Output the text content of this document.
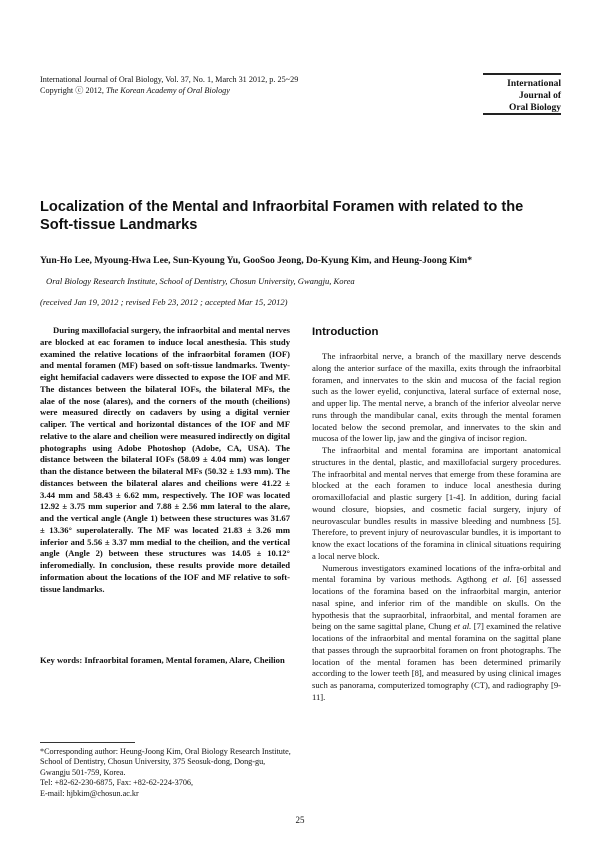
International Journal of Oral Biology, Vol. 37, No. 1, March 31 2012, p. 25~29
Copyright ⓒ 2012, The Korean Academy of Oral Biology
International
Journal of
Oral Biology
Localization of the Mental and Infraorbital Foramen with related to the Soft-tissue Landmarks
Yun-Ho Lee, Myoung-Hwa Lee, Sun-Kyoung Yu, GooSoo Jeong, Do-Kyung Kim, and Heung-Joong Kim*
Oral Biology Research Institute, School of Dentistry, Chosun University, Gwangju, Korea
(received Jan 19, 2012 ; revised Feb 23, 2012 ; accepted Mar 15, 2012)
During maxillofacial surgery, the infraorbital and mental nerves are blocked at eac foramen to induce local anesthesia. This study examined the relative locations of the infraorbital foramen (IOF) and mental foramen (MF) based on soft-tissue landmarks. Twenty-eight hemifacial cadavers were dissected to expose the IOF and MF. The distances between the bilateral IOFs, the bilateral MFs, the alae of the nose (alares), and the corners of the mouth (cheilions) were measured directly on cadavers by using a digital vernier caliper. The vertical and horizontal distances of the IOF and MF relative to the alare and cheilion were measured indirectly on digital photographs using Adobe Photoshop (Adobe, CA, USA). The distance between the bilateral IOFs (58.09 ± 4.04 mm) was longer than the distance between the bilateral MFs (50.32 ± 1.93 mm). The distances between the bilateral alares and cheilions were 41.22 ± 3.44 mm and 58.43 ± 6.62 mm, respectively. The IOF was located 12.92 ± 3.75 mm superior and 7.88 ± 2.56 mm lateral to the alare, and the vertical angle (Angle 1) between these structures was 31.67 ± 13.36° superolaterally. The MF was located 21.83 ± 3.26 mm inferior and 5.56 ± 3.37 mm medial to the cheilion, and the vertical angle (Angle 2) between these structures was 14.05 ± 10.12° inferomedially. In conclusion, these results provide more detailed information about the locations of the IOF and MF relative to soft-tissue landmarks.
Key words: Infraorbital foramen, Mental foramen, Alare, Cheilion
*Corresponding author: Heung-Joong Kim, Oral Biology Research Institute, School of Dentistry, Chosun University, 375 Seosuk-dong, Dong-gu, Gwangju 501-759, Korea.
Tel: +82-62-230-6875, Fax: +82-62-224-3706,
E-mail: hjbkim@chosun.ac.kr
Introduction

The infraorbital nerve, a branch of the maxillary nerve descends along the anterior surface of the maxilla, exits through the infraorbital foramen, and innervates to the skin and mucosa of the facial region such as the lower eyelid, conjunctiva, lateral surface of external nose, and upper lip. The mental nerve, a branch of the inferior alveolar nerve runs through the mandibular canal, exits through the mental foramen located below the second premolar, and innervates to the skin and mucosa of the lower lip, jaw and the gingiva of incisor region.

The infraorbital and mental foramina are important anatomical structures in the dental, plastic, and maxillofacial surgery procedures. The infraorbital and mental nerves that emerge from these foramina are blocked at the each foramen to induce local anesthesia during oromaxillofacial and plastic surgery [1-4]. In addition, during facial wound closure, biopsies, and cosmetic facial surgery, injury of neurovascular bundles results in massive bleeding and numbness [5]. Therefore, to prevent injury of neurovascular bundles, it is important to know the exact locations of the foramina in clinical situations requiring a local nerve block.

Numerous investigators examined locations of the infra-orbital and mental foramina by various methods. Agthong et al. [6] assessed locations of the foramina based on the infraorbital margin, anterior nasal spine, and inferior rim of the mandible on skulls. On the hypothesis that the supraorbital, infraorbital, and mental foramen are being on the same sagittal plane, Chung et al. [7] examined the relative locations of the infraorbital and mental foramina on the sagittal plane that passes through the supraorbital foramen on front photographs. The location of the mental foramen has been determined primarily according to the lower teeth [8], and measured by using clinical images such as panorama, computerized tomography (CT), and radiography [9-11].

25
